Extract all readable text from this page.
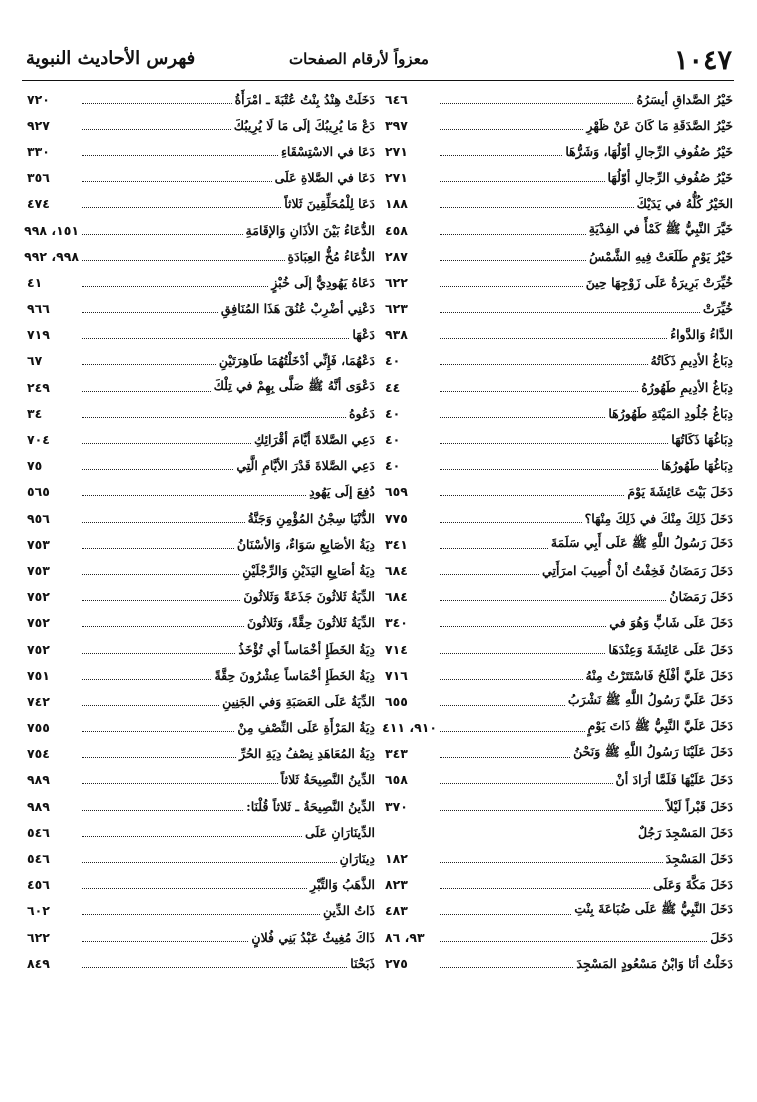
١٠٤٧
معزواً لأرقام الصفحات
فهرس الأحاديث النبوية
خَيْرُ الصَّداقِ أيسَرُهُ
٦٤٦
خَيْرُ الصَّدَقَةِ مَا كَانَ عَنْ ظَهْرِ
٣٩٧
خَيْرُ صُفُوفِ الرِّجالِ أوّلُهَا، وَشَرُّهَا
٢٧١
خَيْرُ صُفُوفِ الرِّجالِ أوّلُهَا
٢٧١
الخَيْرُ كُلُّهُ في يَدَيْكَ
١٨٨
خَيَّرَ النَّبِيُّ ﷺ كَمْأً في الفِدْيَةِ
٤٥٨
خَيْرُ يَوْمٍ طَلَعَتْ فِيهِ الشَّمْسُ
٢٨٧
خُيِّرَتْ بَرِيرَةُ عَلَى زَوْجِهَا حِينَ
٦٢٢
خُيِّرَتْ
٦٢٣
الدَّاءُ وَالدَّواءُ
٩٣٨
دِبَاغُ الأدِيمِ ذَكَاتُهُ
٤٠
دِبَاغُ الأدِيمِ طَهُورُهُ
٤٤
دِبَاغُ جُلُودِ المَيْتَةِ طَهُورُهَا
٤٠
دِبَاغُهَا ذَكَاتُهَا
٤٠
دِبَاغُهَا طَهُورُهَا
٤٠
دَخَلَ بَيْتَ عَائِشَةَ يَوْمَ
٦٥٩
دَخَلَ ذَلِكَ مِنْكَ في ذَلِكَ مِنْهَا؟
٧٧٥
دَخَلَ رَسُولُ اللَّهِ ﷺ عَلَى أَبِي سَلَمَةَ
٣٤١
دَخَلَ رَمَضَانُ فَخِفْتُ أنْ أُصِيبَ امرَأَتِي
٦٨٤
دَخَلَ رَمَضَانُ
٦٨٤
دَخَلَ عَلَى شَابٍّ وَهُوَ في
٣٤٠
دَخَلَ عَلَى عَائِشَةَ وَعِنْدَهَا
٧١٤
دَخَلَ عَلَيَّ أفْلَحُ فَاسْتَتَرْتُ مِنْهُ
٧١٦
دَخَلَ عَلَيَّ رَسُولُ اللَّهِ ﷺ نَشْرَبُ
٦٥٥
دَخَلَ عَلَيَّ النَّبِيُّ ﷺ ذَاتَ يَوْمٍ
٩١٠، ٤١١
دَخَلَ عَلَيْنَا رَسُولُ اللَّهِ ﷺ وَنَحْنُ
٣٤٣
دَخَلَ عَلَيْهَا فَلَمَّا أرَادَ أنْ
٦٥٨
دَخَلَ قَبْراً لَيْلاً
٣٧٠
دَخَلَ المَسْجِدَ رَجُلٌ
دَخَلَ المَسْجِدَ
١٨٢
دَخَلَ مَكَّةَ وَعَلَى
٨٢٣
دَخَلَ النَّبِيُّ ﷺ عَلَى ضُبَاعَةَ بِنْتِ
٤٨٣
دَخَلَ
٩٣، ٨٦
دَخَلْتُ أنَا وَابْنُ مَسْعُودٍ المَسْجِدَ
٢٧٥
دَخَلَتْ هِنْدُ بِنْتُ عُتْبَةَ ـ امْرَأَةُ
٧٢٠
دَعْ مَا يُرِيبُكَ إلَى مَا لَا يُرِيبُكَ
٩٢٧
دَعَا في الاسْتِسْقَاءِ
٣٣٠
دَعَا في الصَّلاةِ عَلَى
٣٥٦
دَعَا لِلْمُحَلِّقِينَ ثَلاثاً
٤٧٤
الدُّعَاءُ بَيْنَ الأذَانِ وَالإقَامَةِ
١٥١، ٩٩٨
الدُّعَاءُ مُخُّ العِبَادَةِ
٩٩٨، ٩٩٢
دَعَاهُ يَهُودِيٌّ إلَى خُبْزٍ
٤١
دَعْنِي أضْرِبْ عُنُقَ هَذَا المُنَافِقِ
٩٦٦
دَعْهَا
٧١٩
دَعْهُمَا، فَإِنِّي أدْخَلْتُهُمَا طَاهِرَتَيْنِ
٦٧
دَعْوَى أنَّهُ ﷺ صَلَّى بِهِمْ في تِلْكَ
٢٤٩
دَعُوهُ
٣٤
دَعِي الصَّلاةَ أيَّامَ أقْرَائِكِ
٧٠٤
دَعِي الصَّلاةَ قَدْرَ الأيَّامِ الَّتِي
٧٥
دُفِعَ إلَى يَهُودِ
٥٦٥
الدُّنْيَا سِجْنُ المُؤْمِنِ وَجَنَّةُ
٩٥٦
دِيَةُ الأصَابِعِ سَوَاءٌ، وَالأسْنَانُ
٧٥٣
دِيَةُ أصَابِعِ اليَدَيْنِ وَالرِّجْلَيْنِ
٧٥٣
الدِّيَةُ ثَلاثُونَ جَذَعَةً وَثَلاثُونَ
٧٥٢
الدِّيَةُ ثَلاثُونَ حِقَّةً، وَثَلاثُونَ
٧٥٢
دِيَةُ الخَطَإِ أخْمَاساً أي تُؤْخَذُ
٧٥٢
دِيَةُ الخَطَإِ أخْمَاساً عِشْرُونَ حِقَّةً
٧٥١
الدِّيَةُ عَلَى العَصَبَةِ وَفي الجَنِينِ
٧٤٢
دِيَةُ المَرْأَةِ عَلَى النِّصْفِ مِنْ
٧٥٥
دِيَةُ المُعَاهَدِ نِصْفُ دِيَةِ الحُرِّ
٧٥٤
الدِّينُ النَّصِيحَةُ ثَلاثاً
٩٨٩
الدِّينُ النَّصِيحَةُ ـ ثَلاثاً قُلْنَا:
٩٨٩
الدِّينَارَانِ عَلَى
٥٤٦
دِينَارَانِ
٥٤٦
الذَّهَبُ وَالتِّبْرِ
٤٥٦
ذَاتُ الدِّينِ
٦٠٢
ذَاكَ مُغِيثٌ عَبْدُ بَنِي فُلانٍ
٦٢٢
ذَبَحْنَا
٨٤٩
